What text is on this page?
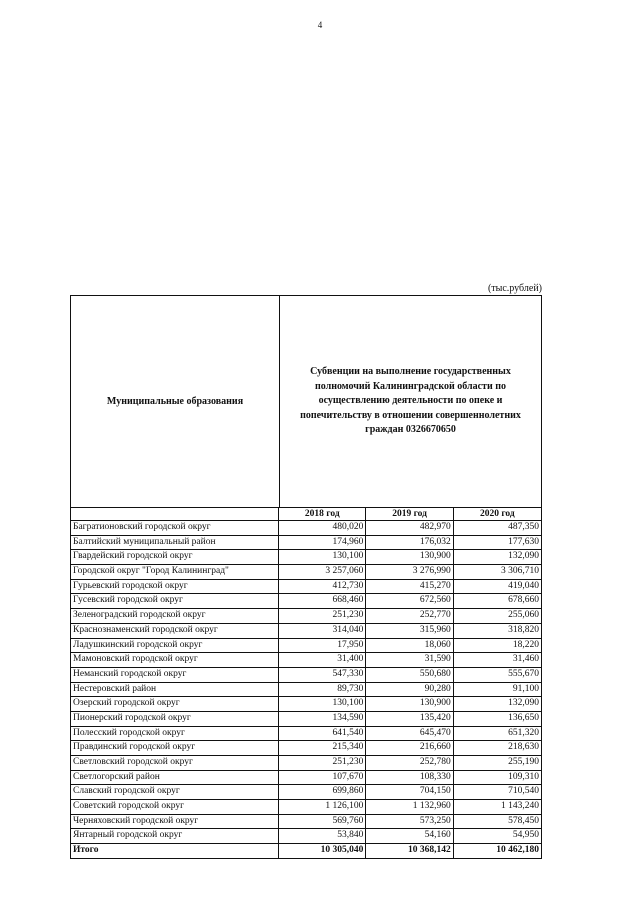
4
(тыс.рублей)
Муниципальные образования
Субвенции на выполнение государственных полномочий Калининградской области по осуществлению деятельности по опеке и попечительству в отношении совершеннолетних граждан 0326670650
2018 год	2019 год	2020 год
Багратионовский городской округ	480,020	482,970	487,350
Балтийский муниципальный район	174,960	176,032	177,630
Гвардейский городской округ	130,100	130,900	132,090
Городской округ "Город Калининград"	3 257,060	3 276,990	3 306,710
Гурьевский городской округ	412,730	415,270	419,040
Гусевский городской округ	668,460	672,560	678,660
Зеленоградский городской округ	251,230	252,770	255,060
Краснознаменский городской округ	314,040	315,960	318,820
Ладушкинский городской округ	17,950	18,060	18,220
Мамоновский городской округ	31,400	31,590	31,460
Неманский городской округ	547,330	550,680	555,670
Нестеровский район	89,730	90,280	91,100
Озерский городской округ	130,100	130,900	132,090
Пионерский городской округ	134,590	135,420	136,650
Полесский городской округ	641,540	645,470	651,320
Правдинский городской округ	215,340	216,660	218,630
Светловский городской округ	251,230	252,780	255,190
Светлогорский район	107,670	108,330	109,310
Славский городской округ	699,860	704,150	710,540
Советский городской округ	1 126,100	1 132,960	1 143,240
Черняховский городской округ	569,760	573,250	578,450
Янтарный городской округ	53,840	54,160	54,950
Итого	10 305,040	10 368,142	10 462,180
